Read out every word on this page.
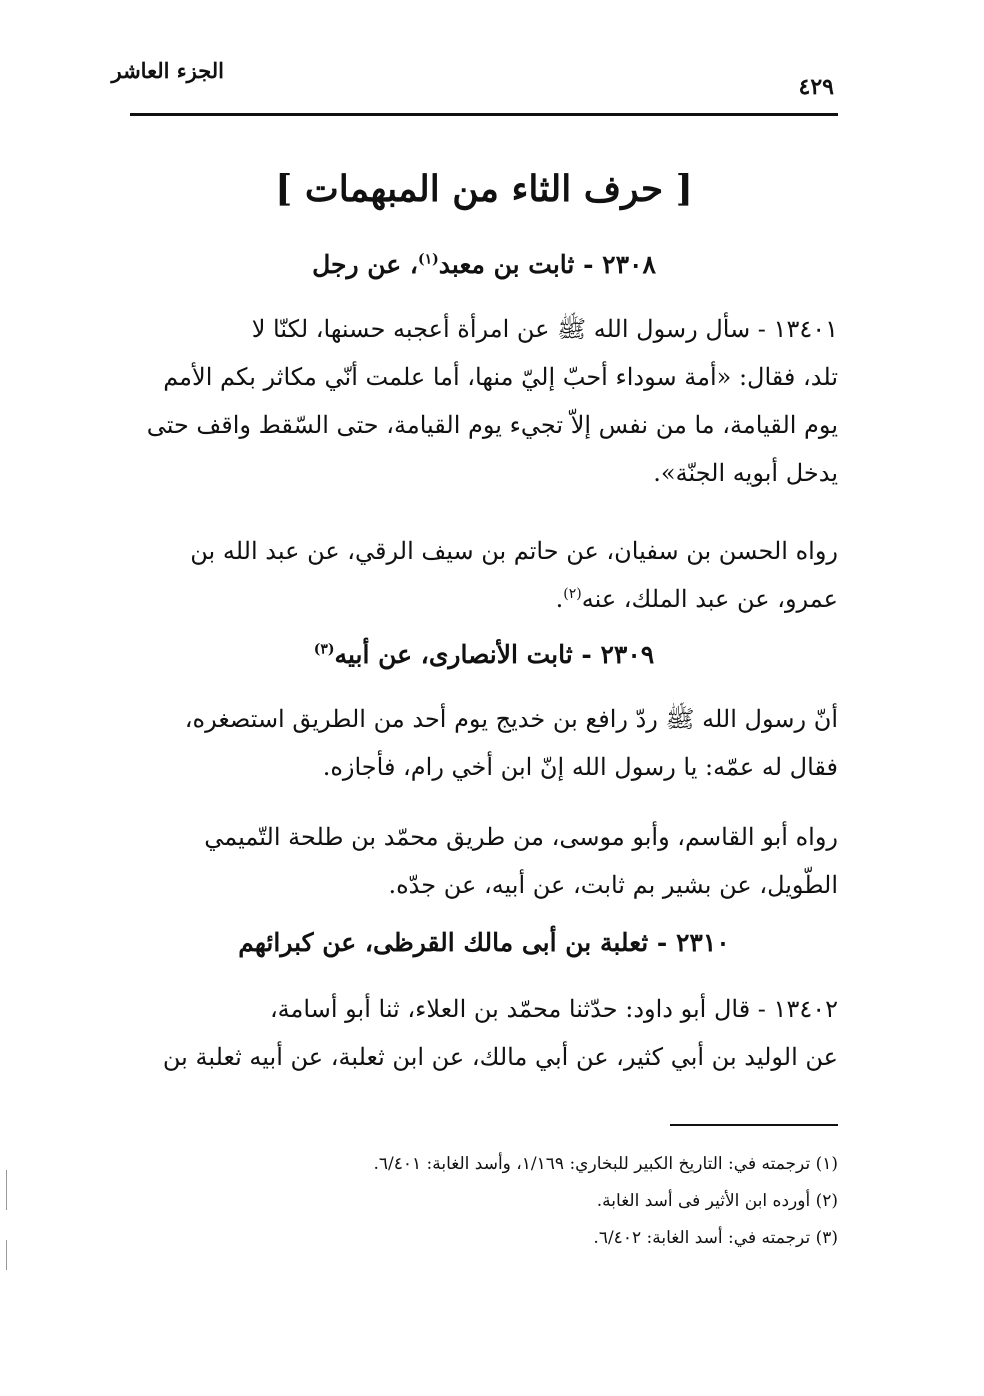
الجزء العاشر
٤٢٩
[ حرف الثاء من المبهمات ]
٢٣٠٨ - ثابت بن معبد$^{(١)}$، عن رجل
١٣٤٠١ - سأل رسول الله ﷺ عن امرأة أعجبه حسنها، لكنّا لا
تلد، فقال: «أمة سوداء أحبّ إليّ منها، أما علمت أنّي مكاثر بكم الأمم
يوم القيامة، ما من نفس إلاّ تجيء يوم القيامة، حتى السّقط واقف حتى
يدخل أبويه الجنّة».
رواه الحسن بن سفيان، عن حاتم بن سيف الرقي، عن عبد الله بن
عمرو، عن عبد الملك، عنه$^{(٢)}$.
٢٣٠٩ - ثابت الأنصارى، عن أبيه$^{(٣)}$
أنّ رسول الله ﷺ ردّ رافع بن خديج يوم أحد من الطريق استصغره،
فقال له عمّه: يا رسول الله إنّ ابن أخي رام، فأجازه.
رواه أبو القاسم، وأبو موسى، من طريق محمّد بن طلحة التّميمي
الطّويل، عن بشير بم ثابت، عن أبيه، عن جدّه.
٢٣١٠ - ثعلبة بن أبى مالك القرظى، عن كبرائهم
١٣٤٠٢ - قال أبو داود: حدّثنا محمّد بن العلاء، ثنا أبو أسامة،
عن الوليد بن أبي كثير، عن أبي مالك، عن ابن ثعلبة، عن أبيه ثعلبة بن
(١) ترجمته في: التاريخ الكبير للبخاري: ١/١٦٩، وأسد الغابة: ٦/٤٠١.
(٢) أورده ابن الأثير فى أسد الغابة.
(٣) ترجمته في: أسد الغابة: ٦/٤٠٢.
